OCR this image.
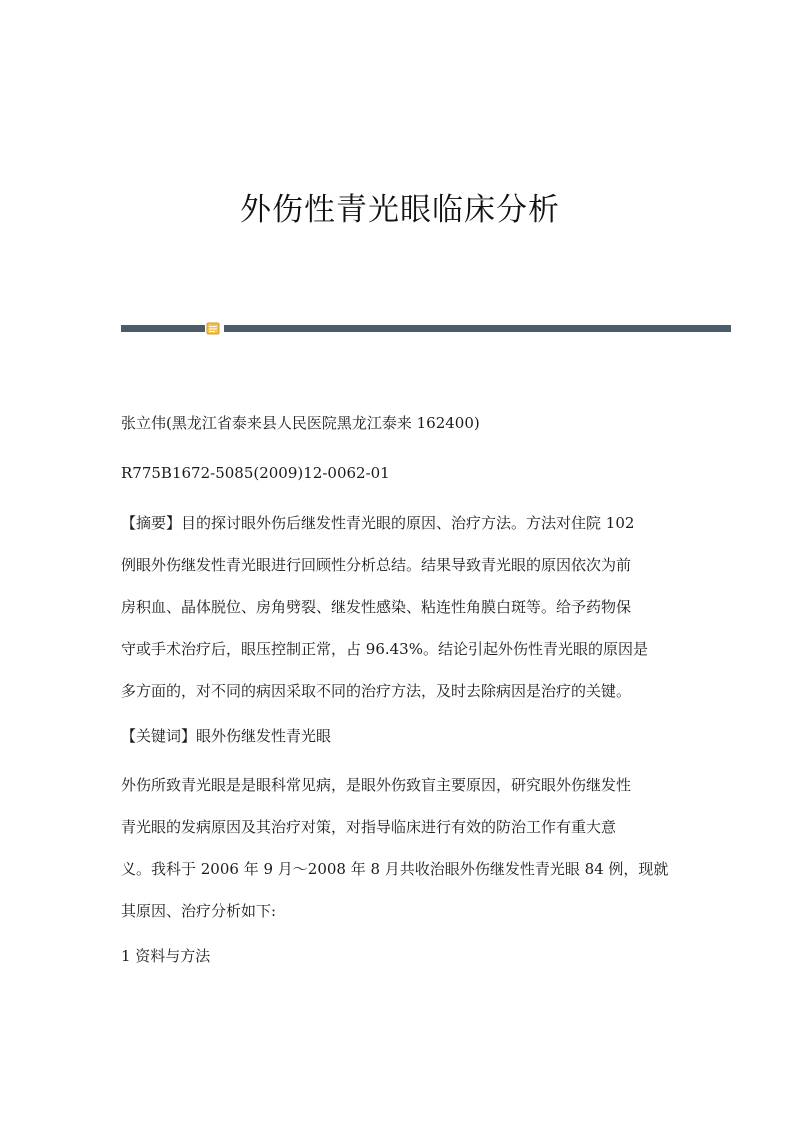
外伤性青光眼临床分析

张立伟(黑龙江省泰来县人民医院黑龙江泰来 162400)

R775B1672-5085(2009)12-0062-01

【摘要】目的探讨眼外伤后继发性青光眼的原因、治疗方法。方法对住院 102
例眼外伤继发性青光眼进行回顾性分析总结。结果导致青光眼的原因依次为前
房积血、晶体脱位、房角劈裂、继发性感染、粘连性角膜白斑等。给予药物保
守或手术治疗后，眼压控制正常，占 96.43%。结论引起外伤性青光眼的原因是
多方面的，对不同的病因采取不同的治疗方法，及时去除病因是治疗的关键。

【关键词】眼外伤继发性青光眼

外伤所致青光眼是是眼科常见病，是眼外伤致盲主要原因，研究眼外伤继发性
青光眼的发病原因及其治疗对策，对指导临床进行有效的防治工作有重大意
义。我科于 2006 年 9 月～2008 年 8 月共收治眼外伤继发性青光眼 84 例，现就
其原因、治疗分析如下:

1 资料与方法
